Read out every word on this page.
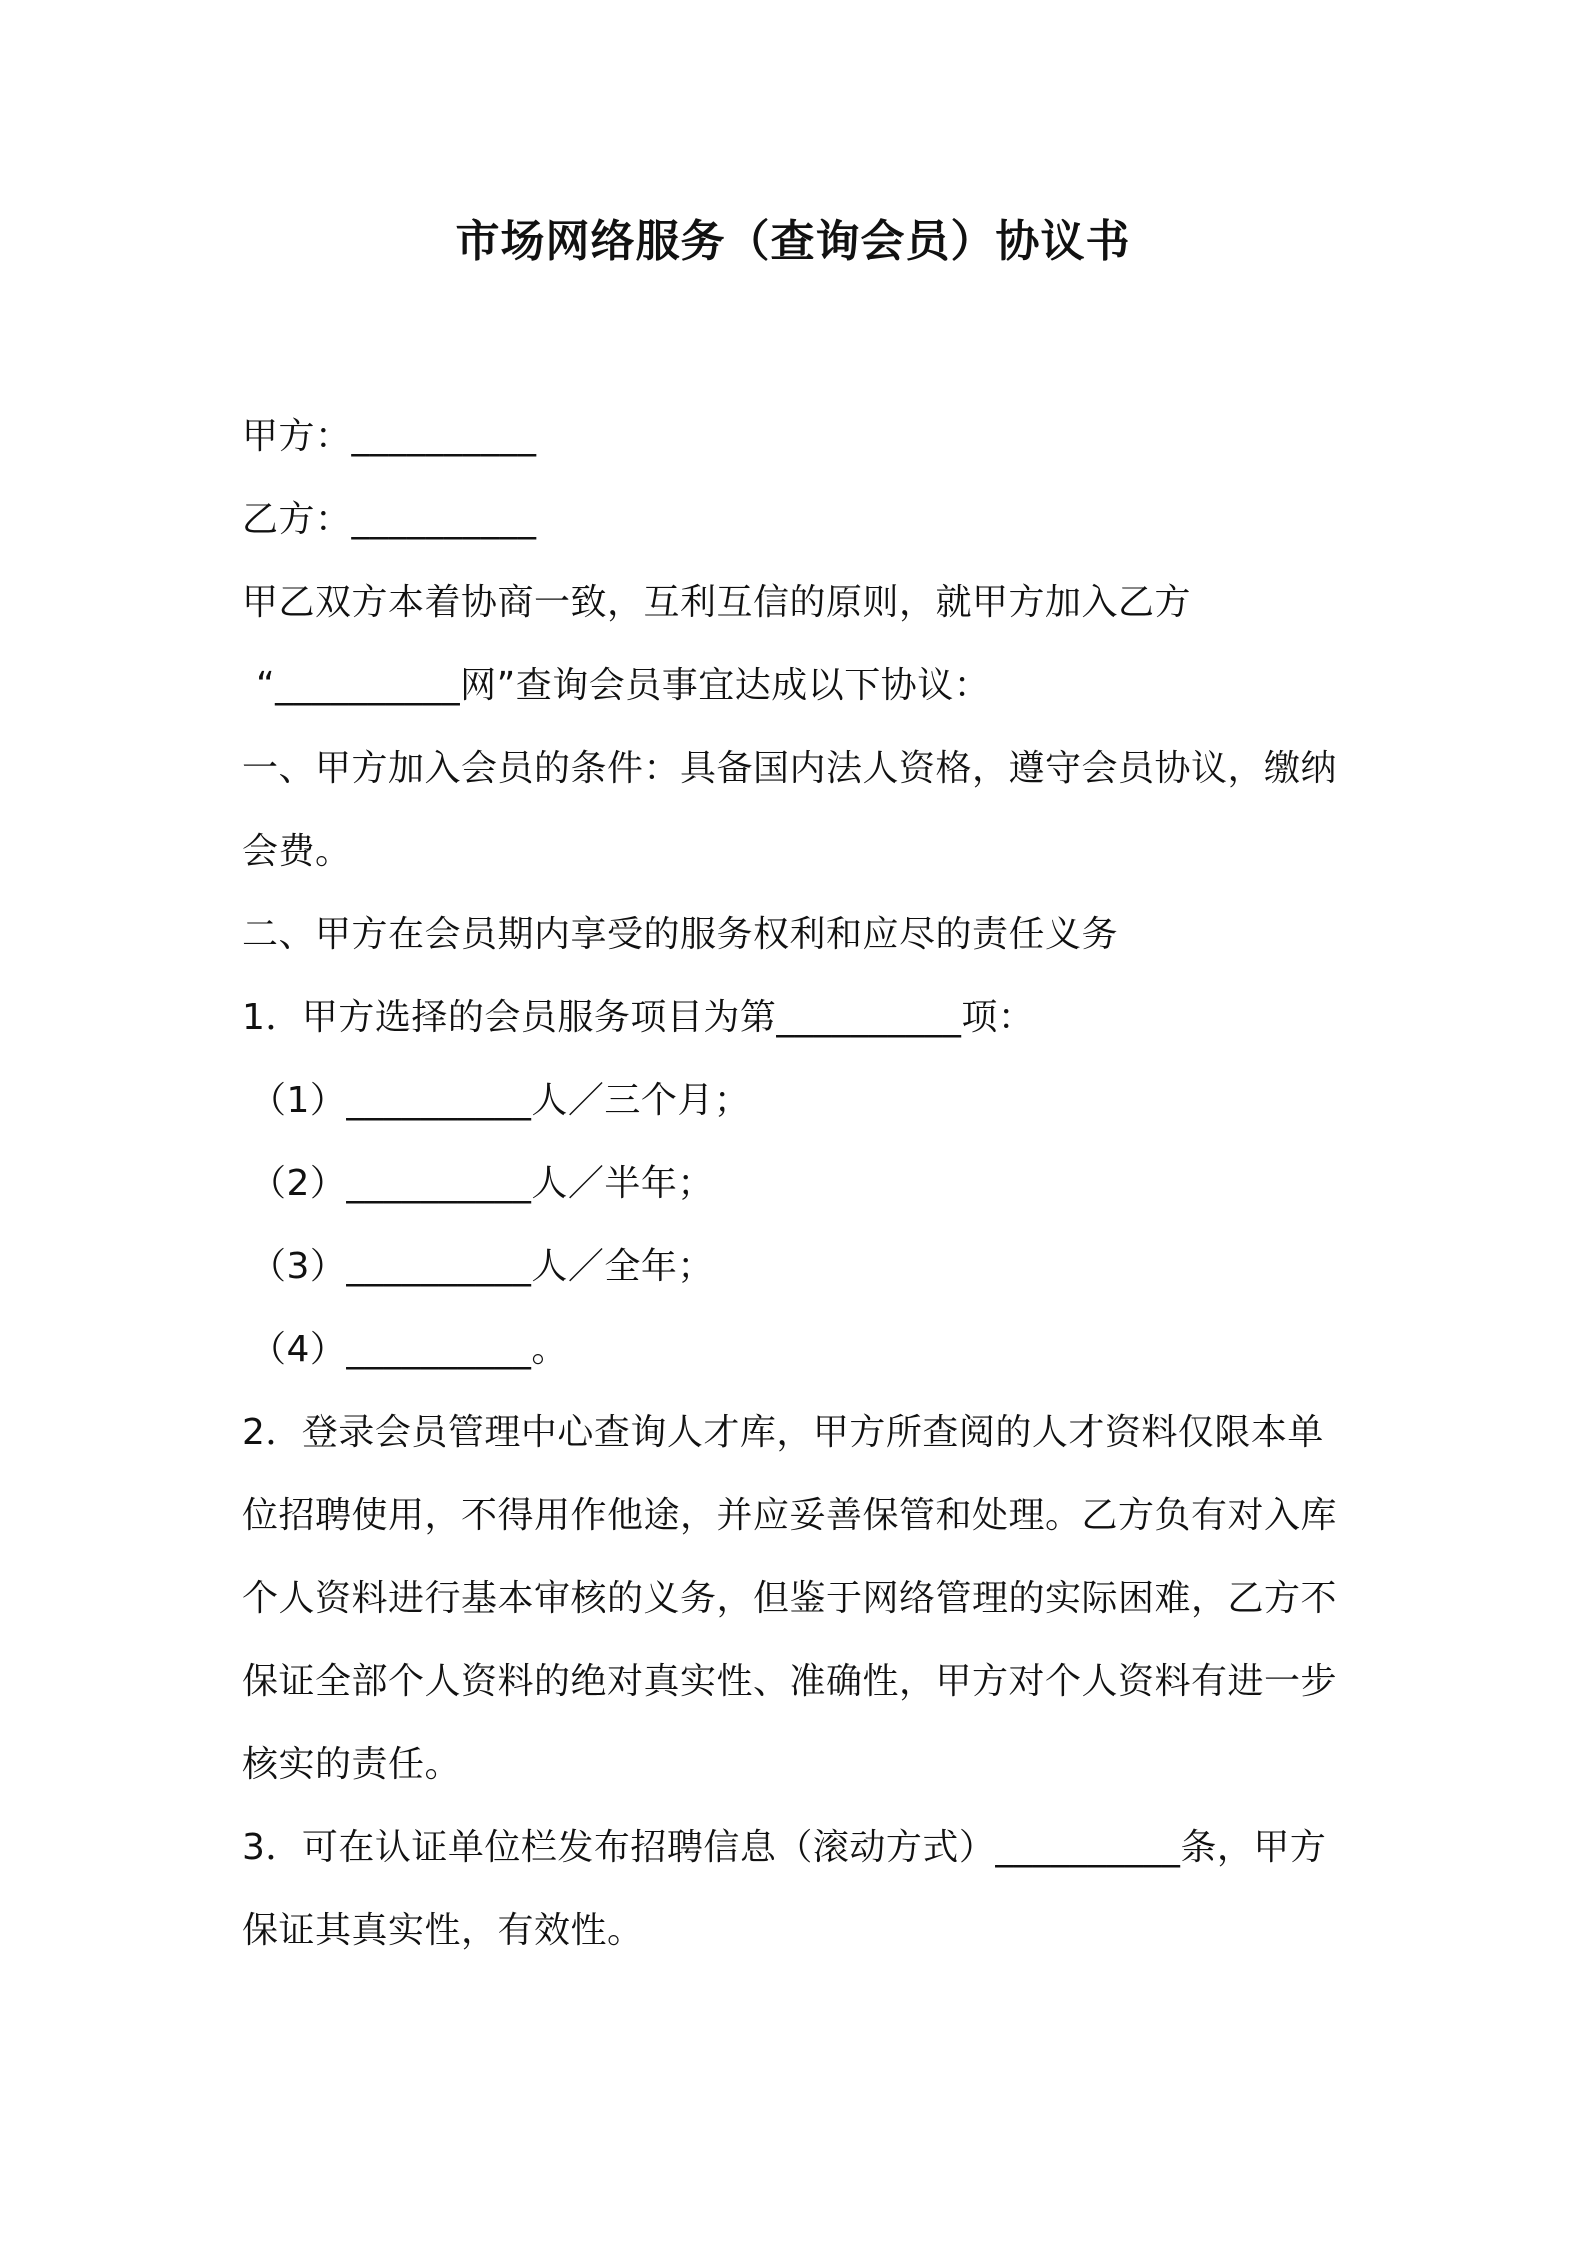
市场网络服务（查询会员）协议书
甲方：__________
乙方：__________
甲乙双方本着协商一致，互利互信的原则，就甲方加入乙方
“__________网”查询会员事宜达成以下协议：
一、甲方加入会员的条件：具备国内法人资格，遵守会员协议，缴纳
会费。
二、甲方在会员期内享受的服务权利和应尽的责任义务
1．甲方选择的会员服务项目为第__________项：
（1）__________人／三个月；
（2）__________人／半年；
（3）__________人／全年；
（4）__________。
2．登录会员管理中心查询人才库，甲方所查阅的人才资料仅限本单
位招聘使用，不得用作他途，并应妥善保管和处理。乙方负有对入库
个人资料进行基本审核的义务，但鉴于网络管理的实际困难，乙方不
保证全部个人资料的绝对真实性、准确性，甲方对个人资料有进一步
核实的责任。
3．可在认证单位栏发布招聘信息（滚动方式）__________条，甲方
保证其真实性，有效性。
